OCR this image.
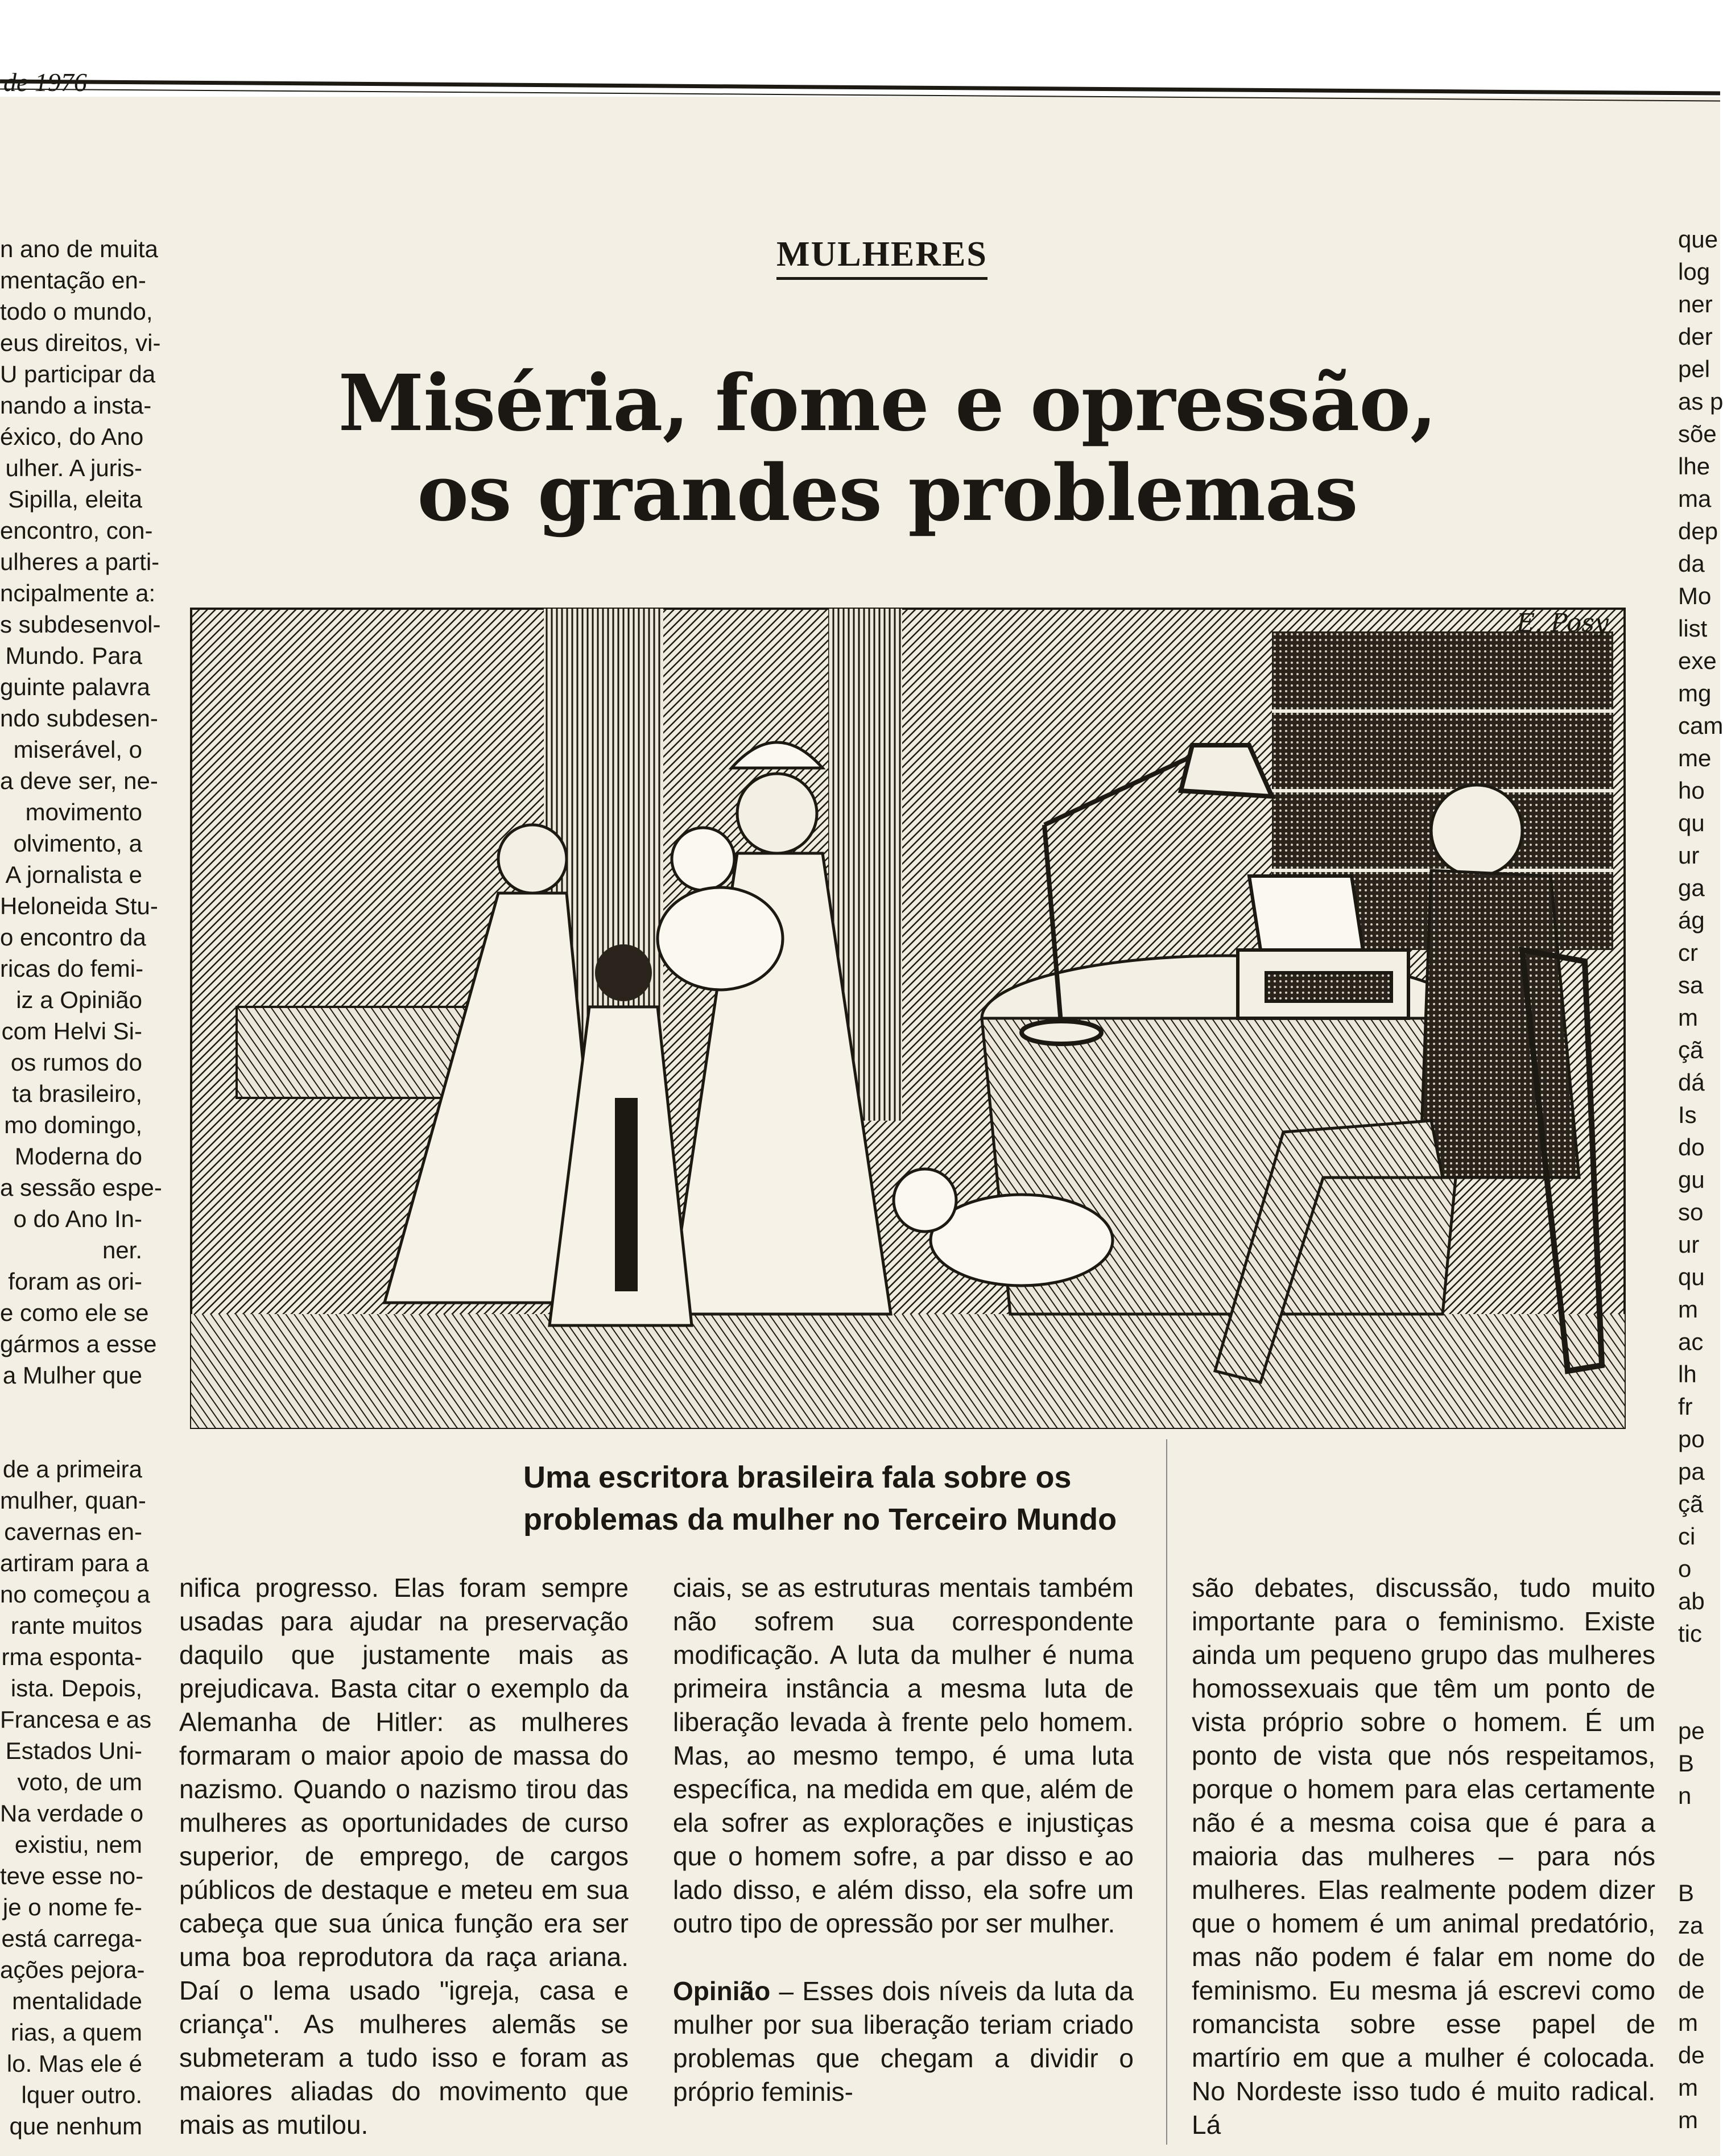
de 1976
MULHERES
Miséria, fome e opressão,
os grandes problemas
E. Posy
Uma escritora brasileira fala sobre os
problemas da mulher no Terceiro Mundo
n ano de muita
mentação en-
todo o mundo,
eus direitos, vi-
U participar da
nando a insta-
éxico, do Ano
ulher. A juris-
Sipilla, eleita
encontro, con-
ulheres a parti-
ncipalmente a:
s subdesenvol-
Mundo. Para
guinte palavra
ndo subdesen-
miserável, o
a deve ser, ne-
movimento
olvimento, a
A jornalista e
Heloneida Stu-
o encontro da
ricas do femi-
iz a Opinião
com Helvi Si-
os rumos do
ta brasileiro,
mo domingo,
Moderna do
a sessão espe-
o do Ano In-
ner.
foram as ori-
e como ele se
gármos a esse
a Mulher que
de a primeira
mulher, quan-
cavernas en-
artiram para a
no começou a
rante muitos
rma esponta-
ista. Depois,
Francesa e as
Estados Uni-
voto, de um
Na verdade o
existiu, nem
teve esse no-
je o nome fe-
está carrega-
ações pejora-
mentalidade
rias, a quem
lo. Mas ele é
lquer outro.
que nenhum
que
log
ner
der
pel
as p
sõe
lhe
ma
dep
da
Mo
list
exe
mg
cam
me
ho
qu
ur
ga
ág
cr
sa
m
çã
dá
Is
do
gu
so
ur
qu
m
ac
lh
fr
po
pa
çã
ci
o
ab
tic

pe
B
n

B
za
de
de
m
de
m
m

nifica progresso. Elas foram sempre usadas para ajudar na preservação daquilo que justamente mais as prejudicava. Basta citar o exemplo da Alemanha de Hitler: as mulheres formaram o maior apoio de massa do nazismo. Quando o nazismo tirou das mulheres as oportunidades de curso superior, de emprego, de cargos públicos de destaque e meteu em sua cabeça que sua única função era ser uma boa reprodutora da raça ariana. Daí o lema usado "igreja, casa e criança". As mulheres alemãs se submeteram a tudo isso e foram as maiores aliadas do movimento que mais as mutilou.

ciais, se as estruturas mentais também não sofrem sua correspondente modificação. A luta da mulher é numa primeira instância a mesma luta de liberação levada à frente pelo homem. Mas, ao mesmo tempo, é uma luta específica, na medida em que, além de ela sofrer as explorações e injustiças que o homem sofre, a par disso e ao lado disso, e além disso, ela sofre um outro tipo de opressão por ser mulher.

Opinião – Esses dois níveis da luta da mulher por sua liberação teriam criado problemas que chegam a dividir o próprio feminis-

são debates, discussão, tudo muito importante para o feminismo. Existe ainda um pequeno grupo das mulheres homossexuais que têm um ponto de vista próprio sobre o homem. É um ponto de vista que nós respeitamos, porque o homem para elas certamente não é a mesma coisa que é para a maioria das mulheres – para nós mulheres. Elas realmente podem dizer que o homem é um animal predatório, mas não podem é falar em nome do feminismo. Eu mesma já escrevi como romancista sobre esse papel de martírio em que a mulher é colocada. No Nordeste isso tudo é muito radical. Lá
